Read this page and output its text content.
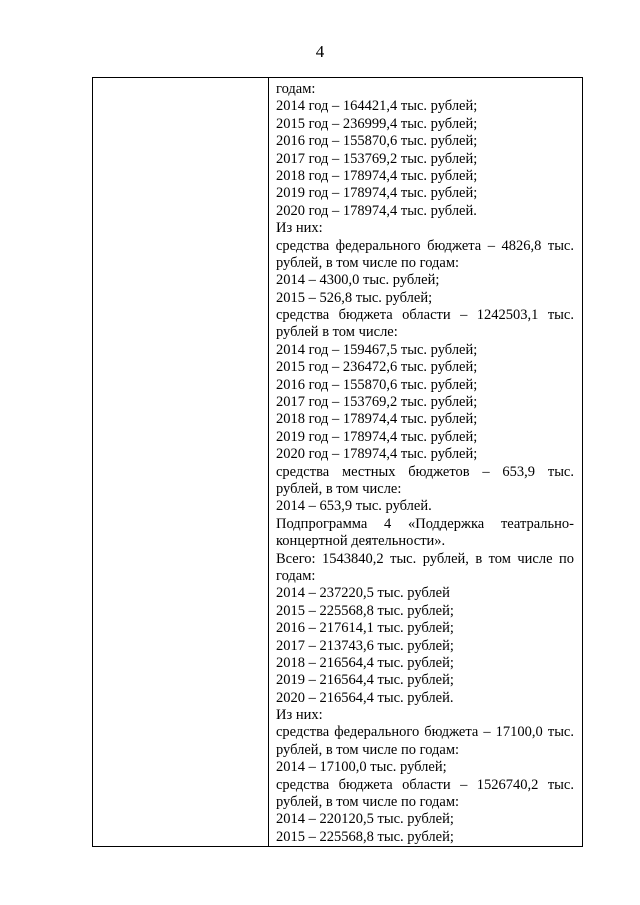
4
годам:
2014 год – 164421,4 тыс. рублей;
2015 год – 236999,4 тыс. рублей;
2016 год – 155870,6 тыс. рублей;
2017 год – 153769,2 тыс. рублей;
2018 год – 178974,4 тыс. рублей;
2019 год – 178974,4 тыс. рублей;
2020 год – 178974,4 тыс. рублей.
Из них:
средства федерального бюджета – 4826,8 тыс.
рублей, в том числе по годам:
2014 – 4300,0 тыс. рублей;
2015 – 526,8 тыс. рублей;
средства бюджета области – 1242503,1 тыс.
рублей в том числе:
2014 год – 159467,5 тыс. рублей;
2015 год – 236472,6 тыс. рублей;
2016 год – 155870,6 тыс. рублей;
2017 год – 153769,2 тыс. рублей;
2018 год – 178974,4 тыс. рублей;
2019 год – 178974,4 тыс. рублей;
2020 год – 178974,4 тыс. рублей;
средства местных бюджетов – 653,9 тыс.
рублей, в том числе:
2014 – 653,9 тыс. рублей.
Подпрограмма 4 «Поддержка театрально-
концертной деятельности».
Всего: 1543840,2 тыс. рублей, в том числе по
годам:
2014 – 237220,5 тыс. рублей
2015 – 225568,8 тыс. рублей;
2016 – 217614,1 тыс. рублей;
2017 – 213743,6 тыс. рублей;
2018 – 216564,4 тыс. рублей;
2019 – 216564,4 тыс. рублей;
2020 – 216564,4 тыс. рублей.
Из них:
средства федерального бюджета – 17100,0 тыс.
рублей, в том числе по годам:
2014 – 17100,0 тыс. рублей;
средства бюджета области – 1526740,2 тыс.
рублей, в том числе по годам:
2014 – 220120,5 тыс. рублей;
2015 – 225568,8 тыс. рублей;
